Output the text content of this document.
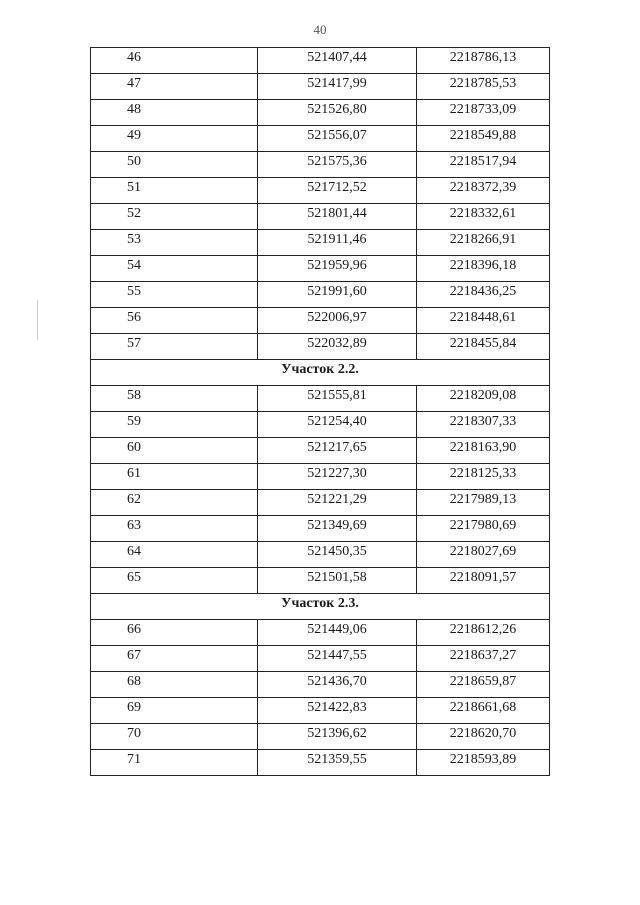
40
46	521407,44	2218786,13
47	521417,99	2218785,53
48	521526,80	2218733,09
49	521556,07	2218549,88
50	521575,36	2218517,94
51	521712,52	2218372,39
52	521801,44	2218332,61
53	521911,46	2218266,91
54	521959,96	2218396,18
55	521991,60	2218436,25
56	522006,97	2218448,61
57	522032,89	2218455,84
Участок 2.2.		
58	521555,81	2218209,08
59	521254,40	2218307,33
60	521217,65	2218163,90
61	521227,30	2218125,33
62	521221,29	2217989,13
63	521349,69	2217980,69
64	521450,35	2218027,69
65	521501,58	2218091,57
Участок 2.3.		
66	521449,06	2218612,26
67	521447,55	2218637,27
68	521436,70	2218659,87
69	521422,83	2218661,68
70	521396,62	2218620,70
71	521359,55	2218593,89
